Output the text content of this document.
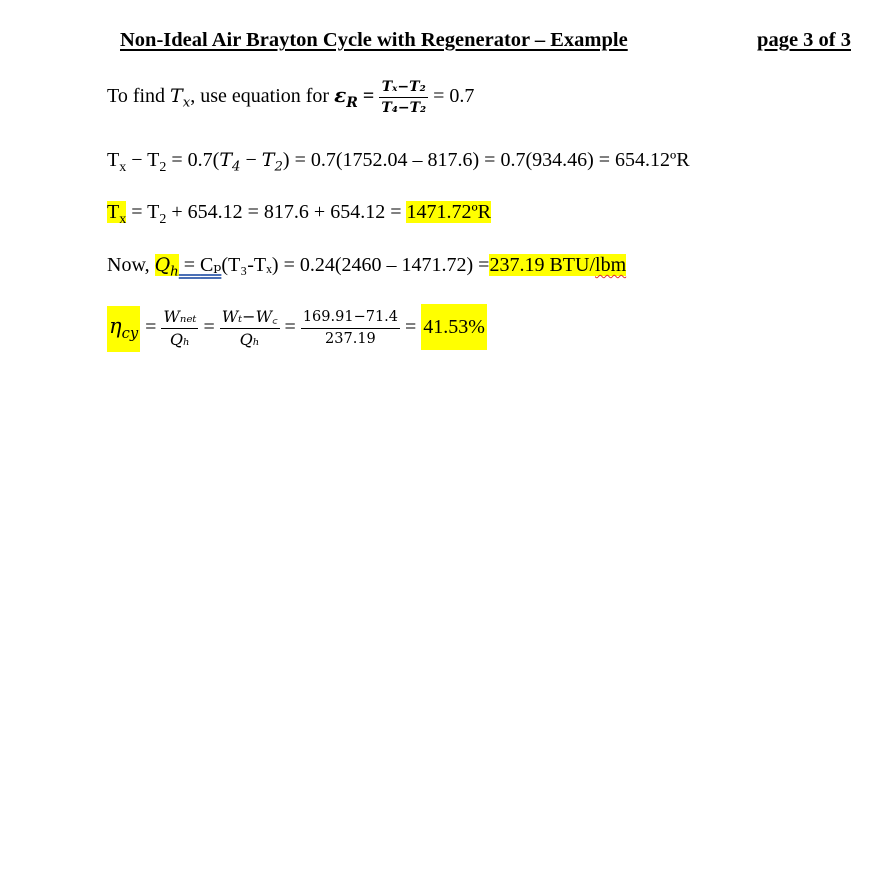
Non-Ideal Air Brayton Cycle with Regenerator – Example	page 3 of 3
To find $T_x$, use equation for $\varepsilon_R = \frac{\text{Tₓ−T₂}}{\text{T₄−T₂}} = 0.7$
$T_x - T_2 = 0.7(T_4 - T_2) = 0.7(1752.04 - 817.6) = 0.7(934.46)$ = 654.12ºR
$T_x = T_2 + 654.12 = 817.6 + 654.12$ = 1471.72ºR
Now, $Q_h = C_p(T_3-T_x) = 0.24(2460 - 1471.72) =237.19$ BTU/lbm
$\eta_{cy} = \frac{\text{Wₙₑₜ}}{\text{Qₕ}} = \frac{\text{Wₜ−W꜀}}{\text{Qₕ}} = \frac{169.91-71.4}{237.19} = 41.53\%$
